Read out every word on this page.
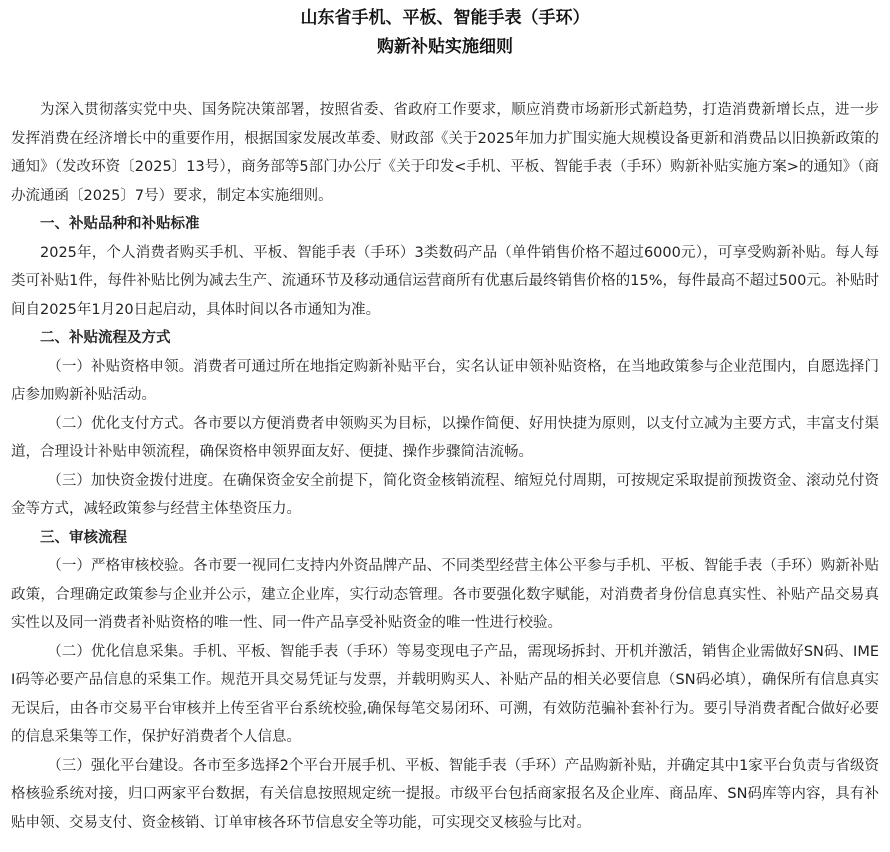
山东省手机、平板、智能手表（手环）
购新补贴实施细则

为深入贯彻落实党中央、国务院决策部署，按照省委、省政府工作要求，顺应消费市场新形式新趋势，打造消费新增长点，进一步发挥消费在经济增长中的重要作用，根据国家发展改革委、财政部《关于2025年加力扩围实施大规模设备更新和消费品以旧换新政策的通知》（发改环资〔2025〕13号），商务部等5部门办公厅《关于印发<手机、平板、智能手表（手环）购新补贴实施方案>的通知》（商办流通函〔2025〕7号）要求，制定本实施细则。

一、补贴品种和补贴标准

2025年，个人消费者购买手机、平板、智能手表（手环）3类数码产品（单件销售价格不超过6000元），可享受购新补贴。每人每类可补贴1件，每件补贴比例为减去生产、流通环节及移动通信运营商所有优惠后最终销售价格的15%，每件最高不超过500元。补贴时间自2025年1月20日起启动，具体时间以各市通知为准。

二、补贴流程及方式

（一）补贴资格申领。消费者可通过所在地指定购新补贴平台，实名认证申领补贴资格，在当地政策参与企业范围内，自愿选择门店参加购新补贴活动。

（二）优化支付方式。各市要以方便消费者申领购买为目标，以操作简便、好用快捷为原则，以支付立减为主要方式，丰富支付渠道，合理设计补贴申领流程，确保资格申领界面友好、便捷、操作步骤简洁流畅。

（三）加快资金拨付进度。在确保资金安全前提下，简化资金核销流程、缩短兑付周期，可按规定采取提前预拨资金、滚动兑付资金等方式，减轻政策参与经营主体垫资压力。

三、审核流程

（一）严格审核校验。各市要一视同仁支持内外资品牌产品、不同类型经营主体公平参与手机、平板、智能手表（手环）购新补贴政策，合理确定政策参与企业并公示，建立企业库，实行动态管理。各市要强化数字赋能，对消费者身份信息真实性、补贴产品交易真实性以及同一消费者补贴资格的唯一性、同一件产品享受补贴资金的唯一性进行校验。

（二）优化信息采集。手机、平板、智能手表（手环）等易变现电子产品，需现场拆封、开机并激活，销售企业需做好SN码、IMEI码等必要产品信息的采集工作。规范开具交易凭证与发票，并载明购买人、补贴产品的相关必要信息（SN码必填），确保所有信息真实无误后，由各市交易平台审核并上传至省平台系统校验,确保每笔交易闭环、可溯，有效防范骗补套补行为。要引导消费者配合做好必要的信息采集等工作，保护好消费者个人信息。

（三）强化平台建设。各市至多选择2个平台开展手机、平板、智能手表（手环）产品购新补贴，并确定其中1家平台负责与省级资格核验系统对接，归口两家平台数据，有关信息按照规定统一提报。市级平台包括商家报名及企业库、商品库、SN码库等内容，具有补贴申领、交易支付、资金核销、订单审核各环节信息安全等功能，可实现交叉核验与比对。
